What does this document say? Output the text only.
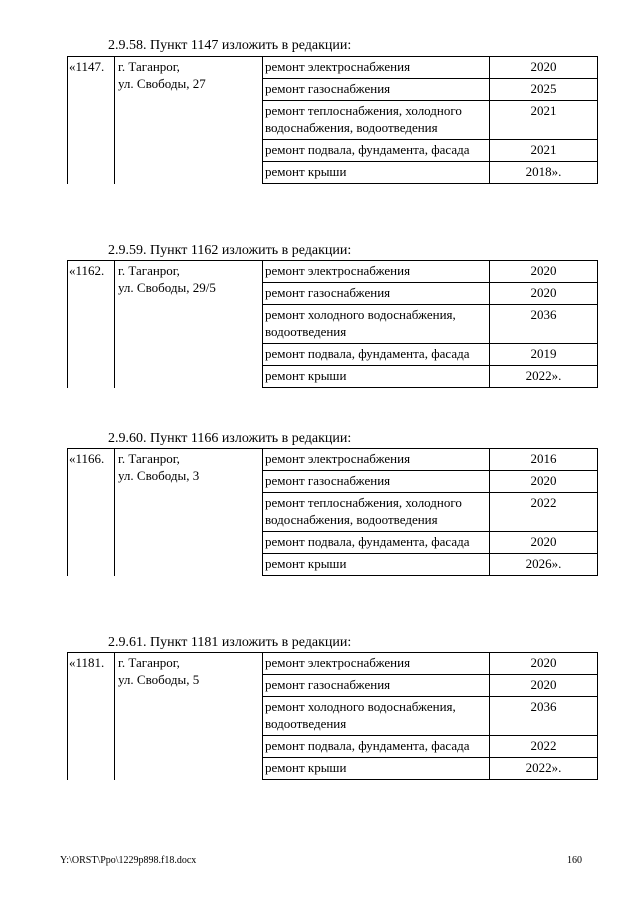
2.9.58. Пункт 1147 изложить в редакции:
«1147.	г. Таганрог,
ул. Свободы, 27	ремонт электроснабжения	2020
		ремонт газоснабжения	2025
		ремонт теплоснабжения, холодного водоснабжения, водоотведения	2021
		ремонт подвала, фундамента, фасада	2021
		ремонт крыши	2018».
2.9.59. Пункт 1162 изложить в редакции:
«1162.	г. Таганрог,
ул. Свободы, 29/5	ремонт электроснабжения	2020
		ремонт газоснабжения	2020
		ремонт холодного водоснабжения, водоотведения	2036
		ремонт подвала, фундамента, фасада	2019
		ремонт крыши	2022».
2.9.60. Пункт 1166 изложить в редакции:
«1166.	г. Таганрог,
ул. Свободы, 3	ремонт электроснабжения	2016
		ремонт газоснабжения	2020
		ремонт теплоснабжения, холодного водоснабжения, водоотведения	2022
		ремонт подвала, фундамента, фасада	2020
		ремонт крыши	2026».
2.9.61. Пункт 1181 изложить в редакции:
«1181.	г. Таганрог,
ул. Свободы, 5	ремонт электроснабжения	2020
		ремонт газоснабжения	2020
		ремонт холодного водоснабжения, водоотведения	2036
		ремонт подвала, фундамента, фасада	2022
		ремонт крыши	2022».
Y:\ORST\Ppo\1229p898.f18.docx	160
